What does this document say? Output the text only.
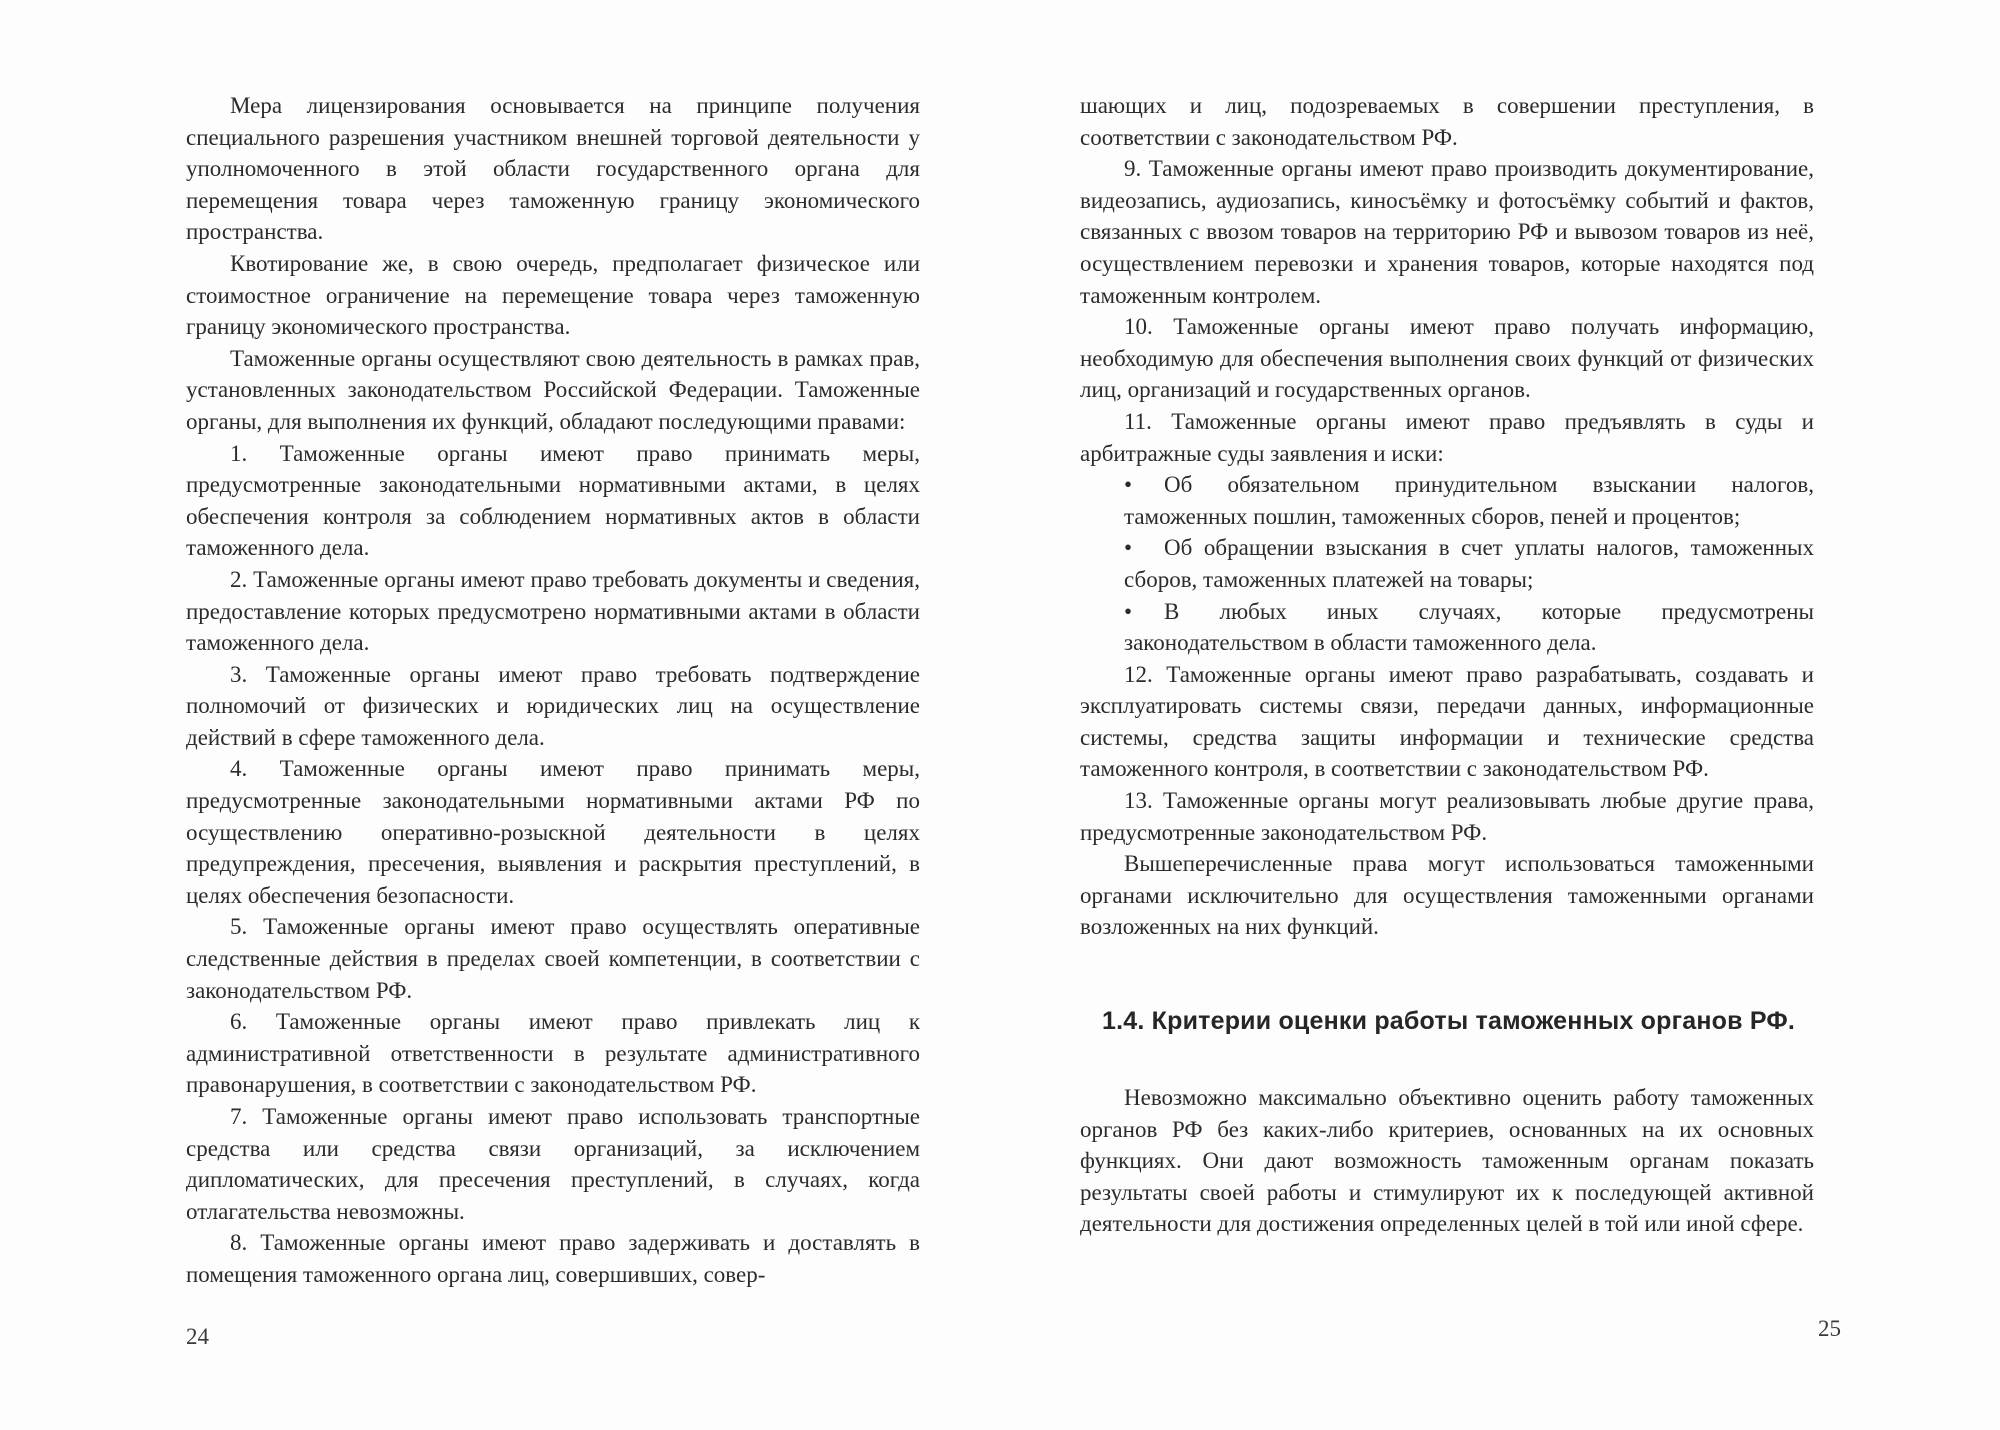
Мера лицензирования основывается на принципе получения специального разрешения участником внешней торговой деятельности у уполномоченного в этой области государственного органа для перемещения товара через таможенную границу экономического пространства.

Квотирование же, в свою очередь, предполагает физическое или стоимостное ограничение на перемещение товара через таможенную границу экономического пространства.

Таможенные органы осуществляют свою деятельность в рамках прав, установленных законодательством Российской Федерации. Таможенные органы, для выполнения их функций, обладают последующими правами:

1. Таможенные органы имеют право принимать меры, предусмотренные законодательными нормативными актами, в целях обеспечения контроля за соблюдением нормативных актов в области таможенного дела.

2. Таможенные органы имеют право требовать документы и сведения, предоставление которых предусмотрено нормативными актами в области таможенного дела.

3. Таможенные органы имеют право требовать подтверждение полномочий от физических и юридических лиц на осуществление действий в сфере таможенного дела.

4. Таможенные органы имеют право принимать меры, предусмотренные законодательными нормативными актами РФ по осуществлению оперативно-розыскной деятельности в целях предупреждения, пресечения, выявления и раскрытия преступлений, в целях обеспечения безопасности.

5. Таможенные органы имеют право осуществлять оперативные следственные действия в пределах своей компетенции, в соответствии с законодательством РФ.

6. Таможенные органы имеют право привлекать лиц к административной ответственности в результате административного правонарушения, в соответствии с законодательством РФ.

7. Таможенные органы имеют право использовать транспортные средства или средства связи организаций, за исключением дипломатических, для пресечения преступлений, в случаях, когда отлагательства невозможны.

8. Таможенные органы имеют право задерживать и доставлять в помещения таможенного органа лиц, совершивших, совер-

24

шающих и лиц, подозреваемых в совершении преступления, в соответствии с законодательством РФ.

9. Таможенные органы имеют право производить документирование, видеозапись, аудиозапись, киносъёмку и фотосъёмку событий и фактов, связанных с ввозом товаров на территорию РФ и вывозом товаров из неё, осуществлением перевозки и хранения товаров, которые находятся под таможенным контролем.

10. Таможенные органы имеют право получать информацию, необходимую для обеспечения выполнения своих функций от физических лиц, организаций и государственных органов.

11. Таможенные органы имеют право предъявлять в суды и арбитражные суды заявления и иски:

• Об обязательном принудительном взыскании налогов, таможенных пошлин, таможенных сборов, пеней и процентов;

• Об обращении взыскания в счет уплаты налогов, таможенных сборов, таможенных платежей на товары;

• В любых иных случаях, которые предусмотрены законодательством в области таможенного дела.

12. Таможенные органы имеют право разрабатывать, создавать и эксплуатировать системы связи, передачи данных, информационные системы, средства защиты информации и технические средства таможенного контроля, в соответствии с законодательством РФ.

13. Таможенные органы могут реализовывать любые другие права, предусмотренные законодательством РФ.

Вышеперечисленные права могут использоваться таможенными органами исключительно для осуществления таможенными органами возложенных на них функций.

1.4. Критерии оценки работы таможенных органов РФ.

Невозможно максимально объективно оценить работу таможенных органов РФ без каких-либо критериев, основанных на их основных функциях. Они дают возможность таможенным органам показать результаты своей работы и стимулируют их к последующей активной деятельности для достижения определенных целей в той или иной сфере.

25
